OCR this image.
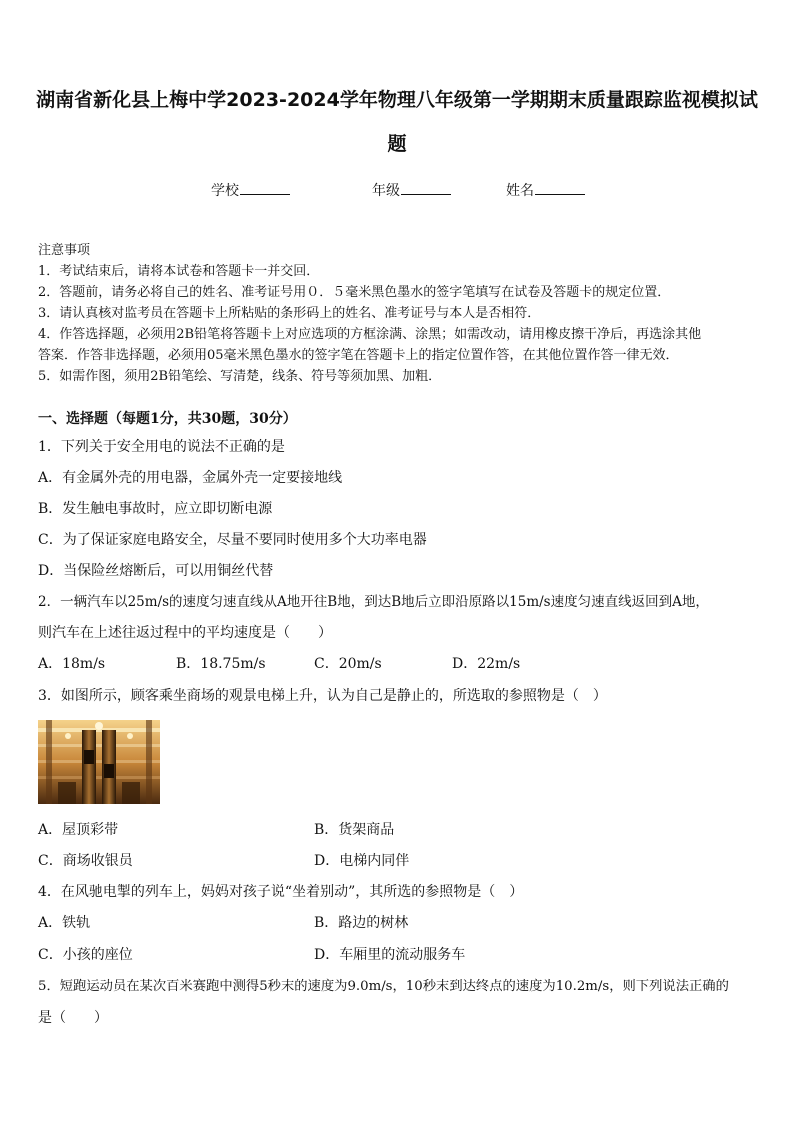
湖南省新化县上梅中学2023-2024学年物理八年级第一学期期末质量跟踪监视模拟试
题
学校	年级	姓名

注意事项

1．考试结束后，请将本试卷和答题卡一并交回．

2．答题前，请务必将自己的姓名、准考证号用０．５毫米黑色墨水的签字笔填写在试卷及答题卡的规定位置．

3．请认真核对监考员在答题卡上所粘贴的条形码上的姓名、准考证号与本人是否相符．

4．作答选择题，必须用2B铅笔将答题卡上对应选项的方框涂满、涂黑；如需改动，请用橡皮擦干净后，再选涂其他

答案．作答非选择题，必须用05毫米黑色墨水的签字笔在答题卡上的指定位置作答，在其他位置作答一律无效．

5．如需作图，须用2B铅笔绘、写清楚，线条、符号等须加黑、加粗．

一、选择题（每题1分，共30题，30分）
1．下列关于安全用电的说法不正确的是
A．有金属外壳的用电器，金属外壳一定要接地线
B．发生触电事故时，应立即切断电源
C．为了保证家庭电路安全，尽量不要同时使用多个大功率电器
D．当保险丝熔断后，可以用铜丝代替
2．一辆汽车以25m/s的速度匀速直线从A地开往B地，到达B地后立即沿原路以15m/s速度匀速直线返回到A地，
则汽车在上述往返过程中的平均速度是（　　）
A．18m/s	B．18.75m/s	C．20m/s	D．22m/s
3．如图所示，顾客乘坐商场的观景电梯上升，认为自己是静止的，所选取的参照物是（　）
A．屋顶彩带	B．货架商品
C．商场收银员	D．电梯内同伴
4．在风驰电掣的列车上，妈妈对孩子说“坐着别动”，其所选的参照物是（　）
A．铁轨	B．路边的树林
C．小孩的座位	D．车厢里的流动服务车
5．短跑运动员在某次百米赛跑中测得5秒末的速度为9.0m/s，10秒末到达终点的速度为10.2m/s，则下列说法正确的
是（　　）
